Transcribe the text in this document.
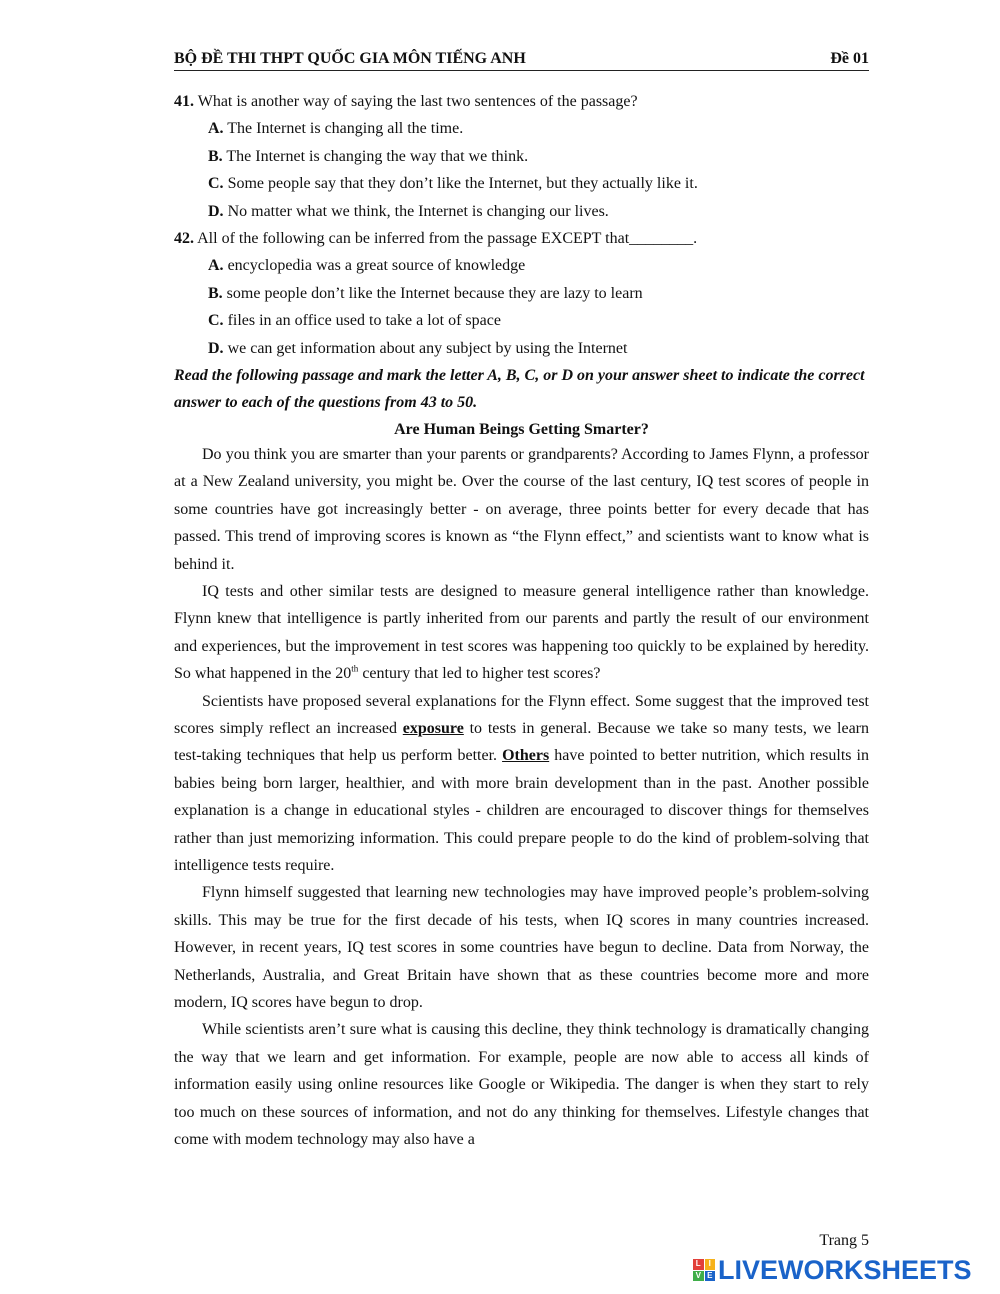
BỘ ĐỀ THI THPT QUỐC GIA MÔN TIẾNG ANH	Đề 01

41. What is another way of saying the last two sentences of the passage?

A. The Internet is changing all the time.

B. The Internet is changing the way that we think.

C. Some people say that they don’t like the Internet, but they actually like it.

D. No matter what we think, the Internet is changing our lives.

42. All of the following can be inferred from the passage EXCEPT that________.

A. encyclopedia was a great source of knowledge

B. some people don’t like the Internet because they are lazy to learn

C. files in an office used to take a lot of space

D. we can get information about any subject by using the Internet

Read the following passage and mark the letter A, B, C, or D on your answer sheet to indicate the correct answer to each of the questions from 43 to 50.

Are Human Beings Getting Smarter?

Do you think you are smarter than your parents or grandparents? According to James Flynn, a professor at a New Zealand university, you might be. Over the course of the last century, IQ test scores of people in some countries have got increasingly better - on average, three points better for every decade that has passed. This trend of improving scores is known as “the Flynn effect,” and scientists want to know what is behind it.

IQ tests and other similar tests are designed to measure general intelligence rather than knowledge. Flynn knew that intelligence is partly inherited from our parents and partly the result of our environment and experiences, but the improvement in test scores was happening too quickly to be explained by heredity. So what happened in the 20th century that led to higher test scores?

Scientists have proposed several explanations for the Flynn effect. Some suggest that the improved test scores simply reflect an increased exposure to tests in general. Because we take so many tests, we learn test-taking techniques that help us perform better. Others have pointed to better nutrition, which results in babies being born larger, healthier, and with more brain development than in the past. Another possible explanation is a change in educational styles - children are encouraged to discover things for themselves rather than just memorizing information. This could prepare people to do the kind of problem-solving that intelligence tests require.

Flynn himself suggested that learning new technologies may have improved people’s problem-solving skills. This may be true for the first decade of his tests, when IQ scores in many countries increased. However, in recent years, IQ test scores in some countries have begun to decline. Data from Norway, the Netherlands, Australia, and Great Britain have shown that as these countries become more and more modern, IQ scores have begun to drop.

While scientists aren’t sure what is causing this decline, they think technology is dramatically changing the way that we learn and get information. For example, people are now able to access all kinds of information easily using online resources like Google or Wikipedia. The danger is when they start to rely too much on these sources of information, and not do any thinking for themselves. Lifestyle changes that come with modem technology may also have a

Trang 5
L I
V E LIVEWORKSHEETS
